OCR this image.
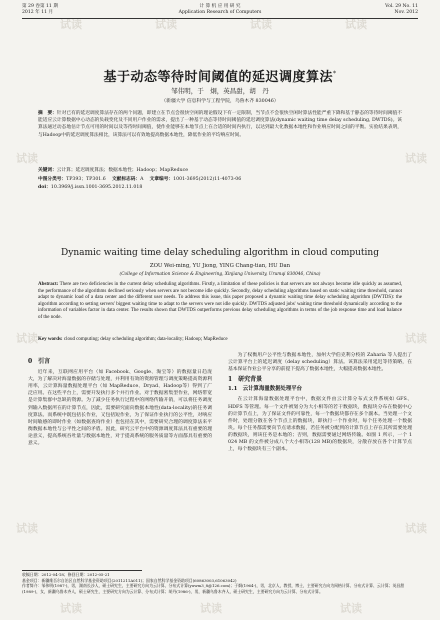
试读	试读	试读	试读
试读	试读
试读	试读
试读	试读
试读	试读	试读
第 29 卷第 11 期
2012 年 11 月
计 算 机 应 用 研 究
Application Research of Computers
Vol. 29 No. 11
Nov. 2012
基于动态等待时间阈值的延迟调度算法*
邹伟明，于　炯，英昌甜，胡　丹
（新疆大学 信息科学与工程学院，乌鲁木齐 830046）
摘　要：针对已有的延迟调度算法存在的两个问题，即建立在节点会很快空闲的理论假设下有一定限制，当节点不会很快空闲时算法性能严重下降和基于静态的等待时间阈值不能适应云计算数据中心动态的负载变化及不同用户作业的需求，提出了一种基于动态等待时间阈值的延迟调度算法(dynamic waiting time delay scheduling, DWTDS)。该算法通过动态地估计节点可用的时间以及等待时间阈值，使作业能够在本地节点上在合适的时间内执行，以达到最大化数据本地性和作业响应时间之间的平衡。实验结果表明，与Hadoop中的延迟调度算法相比，该算法可以有效地提高数据本地性，降低作业的平均响应时间。
关键词：云计算；延迟调度算法；数据本地性；Hadoop；MapReduce
中图分类号：TP393；TP301.6   文献标志码：A   文章编号：1001-3695(2012)11-4073-06
doi：10.3969/j.issn.1001-3695.2012.11.018
Dynamic waiting time delay scheduling algorithm in cloud computing
ZOU Wei-ming, YU Jiong, YING Chang-tian, HU Dan
(College of Information Science & Engineering, Xinjiang University, Urumqi 830046, China)
Abstract: There are two deficiencies in the current delay scheduling algorithms. Firstly, a limitation of these policies is that servers are not always become idle quickly as assumed, the performance of the algorithms declined seriously when servers are not become idle quickly. Secondly, delay scheduling algorithms based on static waiting time threshold, cannot adapt to dynamic load of a data center and the different user needs. To address this issue, this paper proposed a dynamic waiting time delay scheduling algorithm (DWTDS): the algorithm according to setting servers' biggest waiting time to adapt to the servers were not idle quickly. DWTDS adjusted jobs' waiting time threshold dynamically according to the information of variables factor in data center. The results shown that DWTDS outperforms previous delay scheduling algorithms in terms of the job response time and load balance of the node.
Key words: cloud computing; delay scheduling algorithm; data-locality; Hadoop; MapReduce
0　引言
近年来，互联网应用平台（如 Facebook、Google、淘宝等）的数据量日趋庞大，为了解决对海量数据的存储与处理，并利用有效的资源管理与调度策略提高资源利用率，云计算海量数据处理平台（如 MapReduce、Dryad、Hadoop等）得到了广泛应用。在这些平台上，需要开发执行多个并行作业。对于数据密集型作业，网络带宽是计算集群中急缺的资源。为了减少任务执行过程中的网络传输开销，可以将任务调度到输入数据所在的计算节点，因此，需要研究面向数据本地性(data-locality)的任务调度算法。而系统中既包括长作业，又包括短作业，为了保证作业执行的公平性，对响应时间敏感的即时作业（如数据查询作业）也包括在其中，需要研究合理的调度算法来平衡数据本地性与公平性之间的矛盾。因此，研究云平台中的资源调度算法具有重要的理论意义，提高系统吞吐量与数据本地性，对于提高系统的服务质量等方面都具有重要的意义。
为了权衡用户公平性与数据本地性，加州大学伯克利分校的 Zaharia 等人提出了云计算平台上的延迟调度（delay scheduling）算法。该算法采用延迟等待策略，在基本保证作业公平分享的前提下提高了数据本地性，大幅提高数据本地性。
1　研究背景
1.1　云计算海量数据处理平台
在云计算海量数据处理平台中，数据文件由云计算分布式文件系统如 GFS、HDFS 等管理。每一个文件被划分为大小相等的若干数据块，数据块分布在数据中心的计算节点上，为了保证文件的可靠性，每一个数据块都存在多个副本。当处理一个文件时，处理分散在各个节点上的数据块，即执行一个作业时，每个任务处理一个数据块。每个任务都需要向节点请求数据，若任务被分配到的计算节点上存在其所需要处理的数据块，则该任务是本地的；否则，数据需要通过网络传输。如图 1 所示，一个 1 024 MB 的文件被分成八个大小相等(128 MB)的数据块，分散存放在各个计算节点上，每个数据块有三个副本。
收稿日期：2012-04-18；修回日期：2012-05-21
基金项目：新疆维吾尔自治区自然科学基金资助项目(2011211A011)；国家自然科学基金资助项目(60863003,61063042)
作者简介：邹伟明(1987-)，男，湖南长沙人，硕士研究生，主要研究方向为云计算、分布式计算(yuwm3_8@126.com)；于炯(1964-)，男，北京人，教授，博士，主要研究方向为网格计算、分布式计算、云计算；英昌甜(1989-)，女，新疆乌鲁木齐人，硕士研究生，主要研究方向为云计算、分布式计算；胡丹(1986-)，男，新疆乌鲁木齐人，硕士研究生，主要研究方向为云计算、分布式计算。
